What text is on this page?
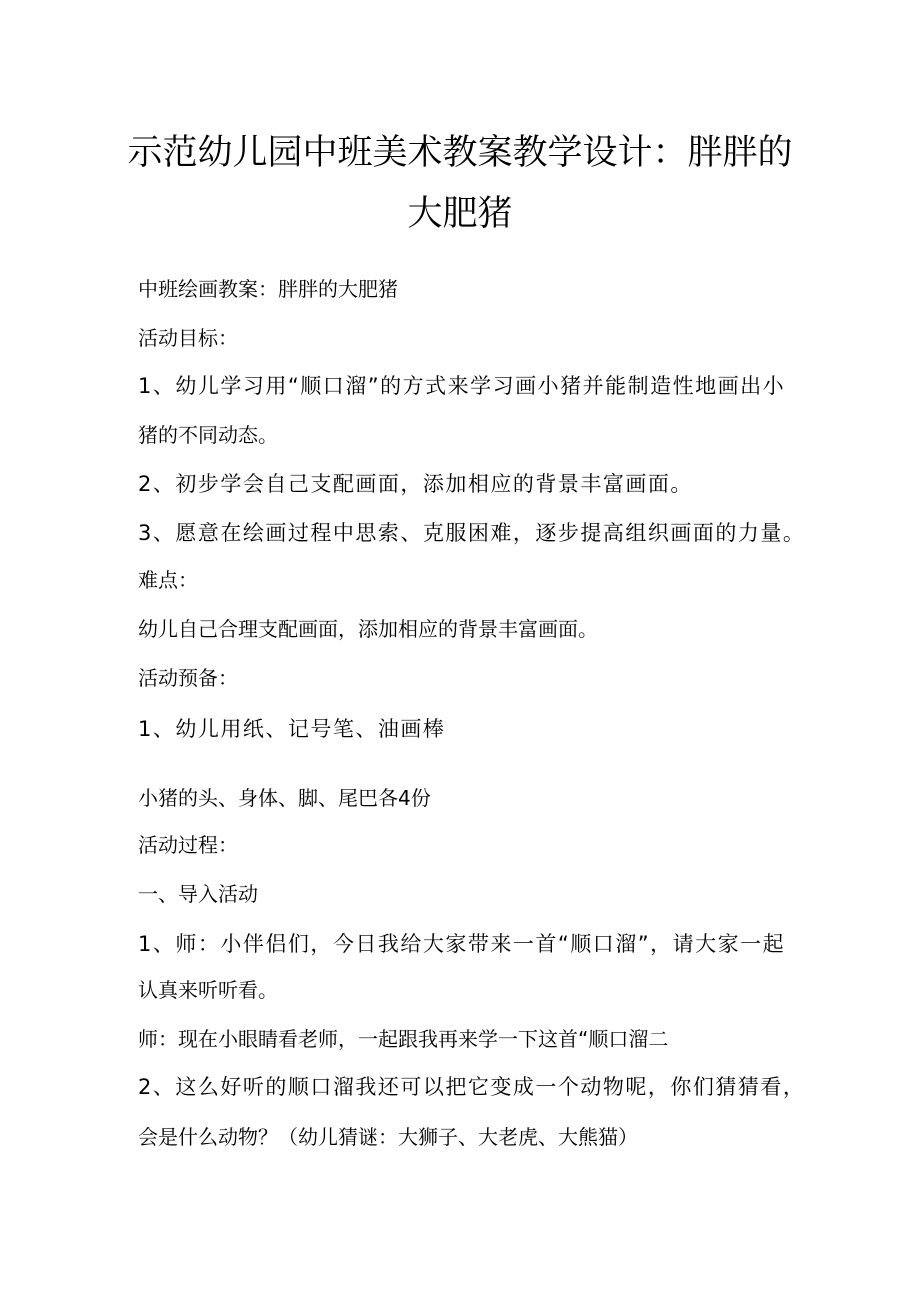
示范幼儿园中班美术教案教学设计：胖胖的
大肥猪

中班绘画教案：胖胖的大肥猪

活动目标：

1、幼儿学习用“顺口溜”的方式来学习画小猪并能制造性地画出小

猪的不同动态。

2、初步学会自己支配画面，添加相应的背景丰富画面。

3、愿意在绘画过程中思索、克服困难，逐步提高组织画面的力量。

难点：

幼儿自己合理支配画面，添加相应的背景丰富画面。

活动预备：

1、幼儿用纸、记号笔、油画棒

小猪的头、身体、脚、尾巴各4份

活动过程：

一、导入活动

1、师：小伴侣们，今日我给大家带来一首“顺口溜”，请大家一起

认真来听听看。

师：现在小眼睛看老师，一起跟我再来学一下这首“顺口溜二

2、这么好听的顺口溜我还可以把它变成一个动物呢，你们猜猜看，

会是什么动物？（幼儿猜谜：大狮子、大老虎、大熊猫）
